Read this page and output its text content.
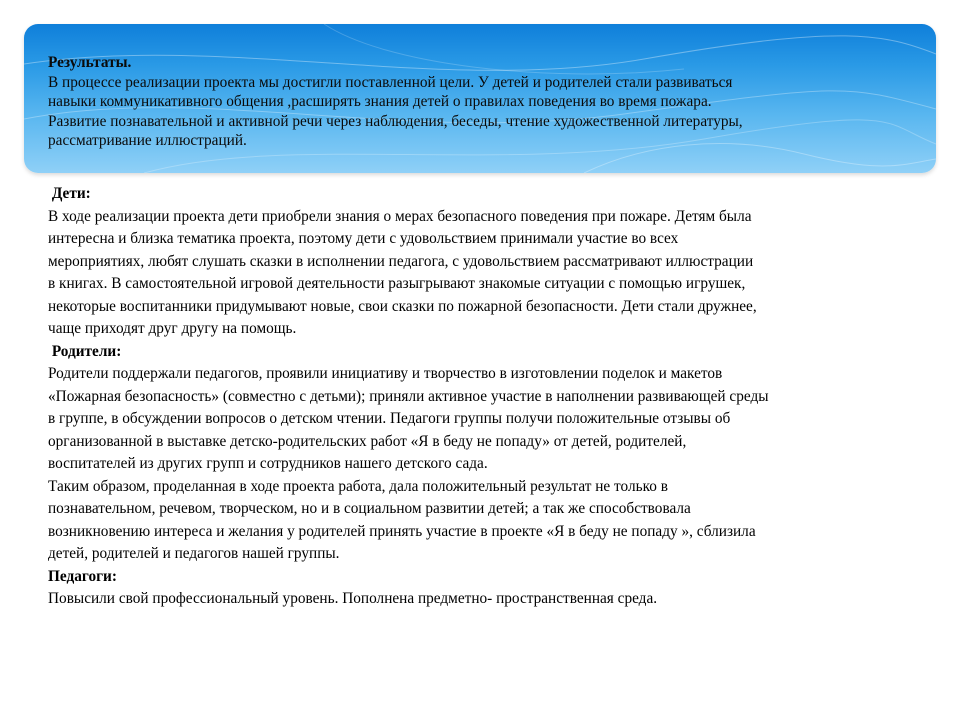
Результаты.
В процессе реализации проекта мы достигли поставленной цели. У детей и родителей стали развиваться
навыки коммуникативного общения ,расширять знания детей о правилах поведения во время пожара.
Развитие познавательной и активной речи через наблюдения, беседы, чтение художественной литературы,
рассматривание иллюстраций.
Дети:
В ходе реализации проекта дети приобрели знания о мерах безопасного поведения при пожаре. Детям была
интересна и близка тематика проекта, поэтому дети с удовольствием принимали участие во всех
мероприятиях, любят слушать сказки в исполнении педагога, с удовольствием рассматривают иллюстрации
в книгах. В самостоятельной игровой деятельности разыгрывают знакомые ситуации с помощью игрушек,
некоторые воспитанники придумывают новые, свои сказки по пожарной безопасности. Дети стали дружнее,
чаще приходят друг другу на помощь.
Родители:
Родители поддержали педагогов, проявили инициативу и творчество в изготовлении поделок и макетов
«Пожарная безопасность» (совместно с детьми); приняли активное участие в наполнении развивающей среды
в группе, в обсуждении вопросов о детском чтении. Педагоги группы получи положительные отзывы об
организованной в выставке детско-родительских работ «Я в беду не попаду» от детей, родителей,
воспитателей из других групп и сотрудников нашего детского сада.
Таким образом, проделанная в ходе проекта работа, дала положительный результат не только в
познавательном, речевом, творческом, но и в социальном развитии детей; а так же способствовала
возникновению интереса и желания у родителей принять участие в проекте «Я в беду не попаду », сблизила
детей, родителей и педагогов нашей группы.
Педагоги:
Повысили свой профессиональный уровень. Пополнена предметно- пространственная среда.
